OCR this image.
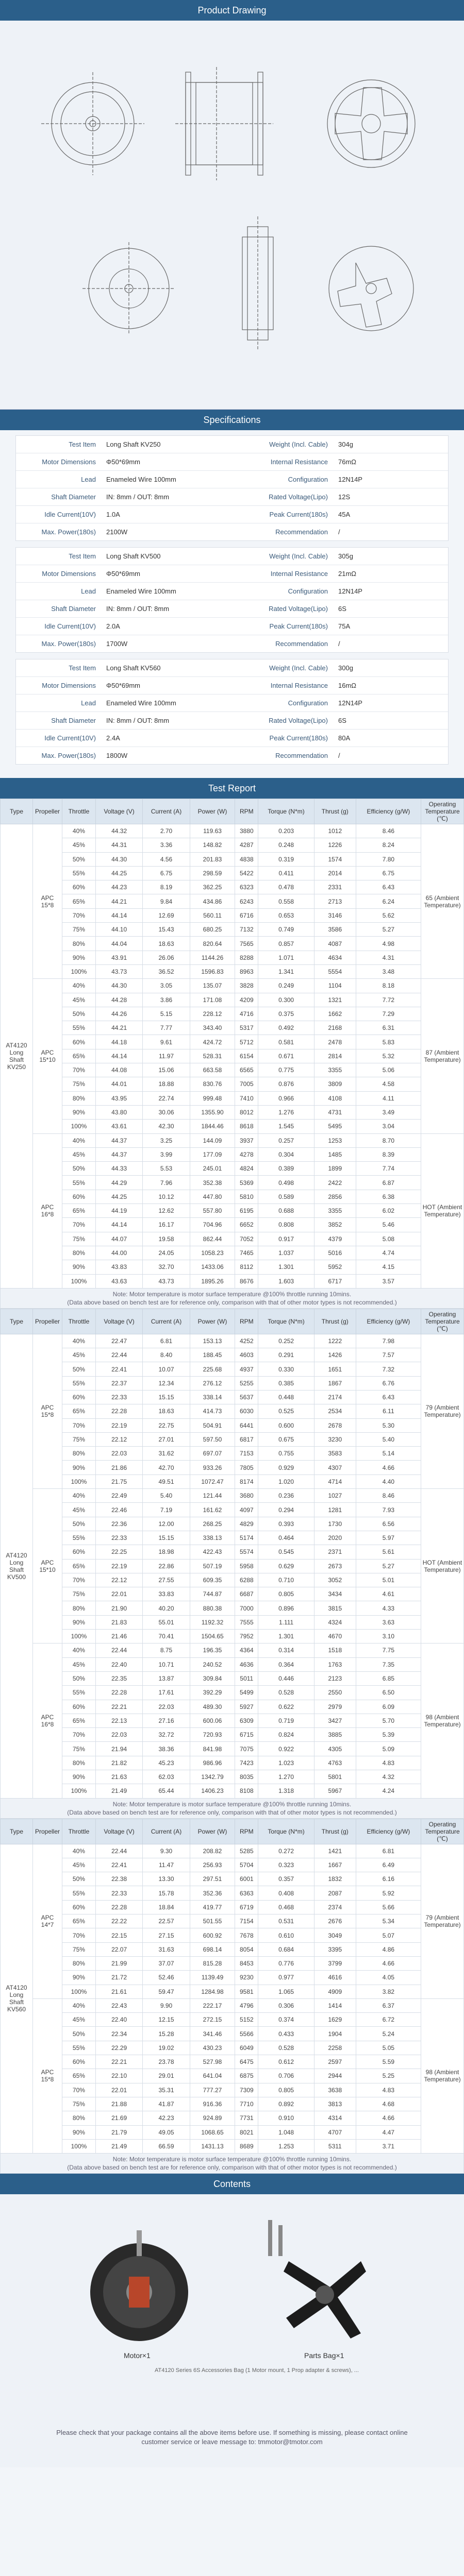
Product Drawing
Specifications
Test Item	Long Shaft KV250	Weight (Incl. Cable)	304g
Motor Dimensions	Φ50*69mm	Internal Resistance	76mΩ
Lead	Enameled Wire 100mm	Configuration	12N14P
Shaft Diameter	IN: 8mm / OUT: 8mm	Rated Voltage(Lipo)	12S
Idle Current(10V)	1.0A	Peak Current(180s)	45A
Max. Power(180s)	2100W	Recommendation	/
Test Item	Long Shaft KV500	Weight (Incl. Cable)	305g
Motor Dimensions	Φ50*69mm	Internal Resistance	21mΩ
Lead	Enameled Wire 100mm	Configuration	12N14P
Shaft Diameter	IN: 8mm / OUT: 8mm	Rated Voltage(Lipo)	6S
Idle Current(10V)	2.0A	Peak Current(180s)	75A
Max. Power(180s)	1700W	Recommendation	/
Test Item	Long Shaft KV560	Weight (Incl. Cable)	300g
Motor Dimensions	Φ50*69mm	Internal Resistance	16mΩ
Lead	Enameled Wire 100mm	Configuration	12N14P
Shaft Diameter	IN: 8mm / OUT: 8mm	Rated Voltage(Lipo)	6S
Idle Current(10V)	2.4A	Peak Current(180s)	80A
Max. Power(180s)	1800W	Recommendation	/
Test Report
Type	Propeller	Throttle	Voltage (V)	Current (A)	Power (W)	RPM	Torque (N*m)	Thrust (g)	Efficiency (g/W)	Operating Temperature (℃)
AT4120 Long Shaft KV250	APC 15*8	40%	44.32	2.70	119.63	3880	0.203	1012	8.46	65 (Ambient Temperature)
		45%	44.31	3.36	148.82	4287	0.248	1226	8.24	
		50%	44.30	4.56	201.83	4838	0.319	1574	7.80	
		55%	44.25	6.75	298.59	5422	0.411	2014	6.75	
		60%	44.23	8.19	362.25	6323	0.478	2331	6.43	
		65%	44.21	9.84	434.86	6243	0.558	2713	6.24	
		70%	44.14	12.69	560.11	6716	0.653	3146	5.62	
		75%	44.10	15.43	680.25	7132	0.749	3586	5.27	
		80%	44.04	18.63	820.64	7565	0.857	4087	4.98	
		90%	43.91	26.06	1144.26	8288	1.071	4634	4.31	
		100%	43.73	36.52	1596.83	8963	1.341	5554	3.48	
	APC 15*10	40%	44.30	3.05	135.07	3828	0.249	1104	8.18	87 (Ambient Temperature)
		45%	44.28	3.86	171.08	4209	0.300	1321	7.72	
		50%	44.26	5.15	228.12	4716	0.375	1662	7.29	
		55%	44.21	7.77	343.40	5317	0.492	2168	6.31	
		60%	44.18	9.61	424.72	5712	0.581	2478	5.83	
		65%	44.14	11.97	528.31	6154	0.671	2814	5.32	
		70%	44.08	15.06	663.58	6565	0.775	3355	5.06	
		75%	44.01	18.88	830.76	7005	0.876	3809	4.58	
		80%	43.95	22.74	999.48	7410	0.966	4108	4.11	
		90%	43.80	30.06	1355.90	8012	1.276	4731	3.49	
		100%	43.61	42.30	1844.46	8618	1.545	5495	3.04	
	APC 16*8	40%	44.37	3.25	144.09	3937	0.257	1253	8.70	HOT (Ambient Temperature)
		45%	44.37	3.99	177.09	4278	0.304	1485	8.39	
		50%	44.33	5.53	245.01	4824	0.389	1899	7.74	
		55%	44.29	7.96	352.38	5369	0.498	2422	6.87	
		60%	44.25	10.12	447.80	5810	0.589	2856	6.38	
		65%	44.19	12.62	557.80	6195	0.688	3355	6.02	
		70%	44.14	16.17	704.96	6652	0.808	3852	5.46	
		75%	44.07	19.58	862.44	7052	0.917	4379	5.08	
		80%	44.00	24.05	1058.23	7465	1.037	5016	4.74	
		90%	43.83	32.70	1433.06	8112	1.301	5952	4.15	
		100%	43.63	43.73	1895.26	8676	1.603	6717	3.57	

Note: Motor temperature is motor surface temperature @100% throttle running 10mins.
(Data above based on bench test are for reference only, comparison with that of other motor types is not recommended.)										
Type	Propeller	Throttle	Voltage (V)	Current (A)	Power (W)	RPM	Torque (N*m)	Thrust (g)	Efficiency (g/W)	Operating Temperature (℃)
AT4120 Long Shaft KV500	APC 15*8	40%	22.47	6.81	153.13	4252	0.252	1222	7.98	79 (Ambient Temperature)
		45%	22.44	8.40	188.45	4603	0.291	1426	7.57	
		50%	22.41	10.07	225.68	4937	0.330	1651	7.32	
		55%	22.37	12.34	276.12	5255	0.385	1867	6.76	
		60%	22.33	15.15	338.14	5637	0.448	2174	6.43	
		65%	22.28	18.63	414.73	6030	0.525	2534	6.11	
		70%	22.19	22.75	504.91	6441	0.600	2678	5.30	
		75%	22.12	27.01	597.50	6817	0.675	3230	5.40	
		80%	22.03	31.62	697.07	7153	0.755	3583	5.14	
		90%	21.86	42.70	933.26	7805	0.929	4307	4.66	
		100%	21.75	49.51	1072.47	8174	1.020	4714	4.40	
	APC 15*10	40%	22.49	5.40	121.44	3680	0.236	1027	8.46	HOT (Ambient Temperature)
		45%	22.46	7.19	161.62	4097	0.294	1281	7.93	
		50%	22.36	12.00	268.25	4829	0.393	1730	6.56	
		55%	22.33	15.15	338.13	5174	0.464	2020	5.97	
		60%	22.25	18.98	422.43	5574	0.545	2371	5.61	
		65%	22.19	22.86	507.19	5958	0.629	2673	5.27	
		70%	22.12	27.55	609.35	6288	0.710	3052	5.01	
		75%	22.01	33.83	744.87	6687	0.805	3434	4.61	
		80%	21.90	40.20	880.38	7000	0.896	3815	4.33	
		90%	21.83	55.01	1192.32	7555	1.111	4324	3.63	
		100%	21.46	70.41	1504.65	7952	1.301	4670	3.10	
	APC 16*8	40%	22.44	8.75	196.35	4364	0.314	1518	7.75	98 (Ambient Temperature)
		45%	22.40	10.71	240.52	4636	0.364	1763	7.35	
		50%	22.35	13.87	309.84	5011	0.446	2123	6.85	
		55%	22.28	17.61	392.29	5499	0.528	2550	6.50	
		60%	22.21	22.03	489.30	5927	0.622	2979	6.09	
		65%	22.13	27.16	600.06	6309	0.719	3427	5.70	
		70%	22.03	32.72	720.93	6715	0.824	3885	5.39	
		75%	21.94	38.36	841.98	7075	0.922	4305	5.09	
		80%	21.82	45.23	986.96	7423	1.023	4763	4.83	
		90%	21.63	62.03	1342.79	8035	1.270	5801	4.32	
		100%	21.49	65.44	1406.23	8108	1.318	5967	4.24	

Note: Motor temperature is motor surface temperature @100% throttle running 10mins.
(Data above based on bench test are for reference only, comparison with that of other motor types is not recommended.)										
Type	Propeller	Throttle	Voltage (V)	Current (A)	Power (W)	RPM	Torque (N*m)	Thrust (g)	Efficiency (g/W)	Operating Temperature (℃)
AT4120 Long Shaft KV560	APC 14*7	40%	22.44	9.30	208.82	5285	0.272	1421	6.81	79 (Ambient Temperature)
		45%	22.41	11.47	256.93	5704	0.323	1667	6.49	
		50%	22.38	13.30	297.51	6001	0.357	1832	6.16	
		55%	22.33	15.78	352.36	6363	0.408	2087	5.92	
		60%	22.28	18.84	419.77	6719	0.468	2374	5.66	
		65%	22.22	22.57	501.55	7154	0.531	2676	5.34	
		70%	22.15	27.15	600.92	7678	0.610	3049	5.07	
		75%	22.07	31.63	698.14	8054	0.684	3395	4.86	
		80%	21.99	37.07	815.28	8453	0.776	3799	4.66	
		90%	21.72	52.46	1139.49	9230	0.977	4616	4.05	
		100%	21.61	59.47	1284.98	9581	1.065	4909	3.82	
	APC 15*8	40%	22.43	9.90	222.17	4796	0.306	1414	6.37	98 (Ambient Temperature)
		45%	22.40	12.15	272.15	5152	0.374	1629	6.72	
		50%	22.34	15.28	341.46	5566	0.433	1904	5.24	
		55%	22.29	19.02	430.23	6049	0.528	2258	5.05	
		60%	22.21	23.78	527.98	6475	0.612	2597	5.59	
		65%	22.10	29.01	641.04	6875	0.706	2944	5.25	
		70%	22.01	35.31	777.27	7309	0.805	3638	4.83	
		75%	21.88	41.87	916.36	7710	0.892	3813	4.68	
		80%	21.69	42.23	924.89	7731	0.910	4314	4.66	
		90%	21.79	49.05	1068.65	8021	1.048	4707	4.47	
		100%	21.49	66.59	1431.13	8689	1.253	5311	3.71	

Note: Motor temperature is motor surface temperature @100% throttle running 10mins.
(Data above based on bench test are for reference only, comparison with that of other motor types is not recommended.)										
Contents
Motor×1	Parts Bag×1
AT4120 Series 6S Accessories Bag (1 Motor mount, 1 Prop adapter & screws), ...
Please check that your package contains all the above items before use. If something is missing, please contact online
customer service or leave message to: tmmotor@tmotor.com
